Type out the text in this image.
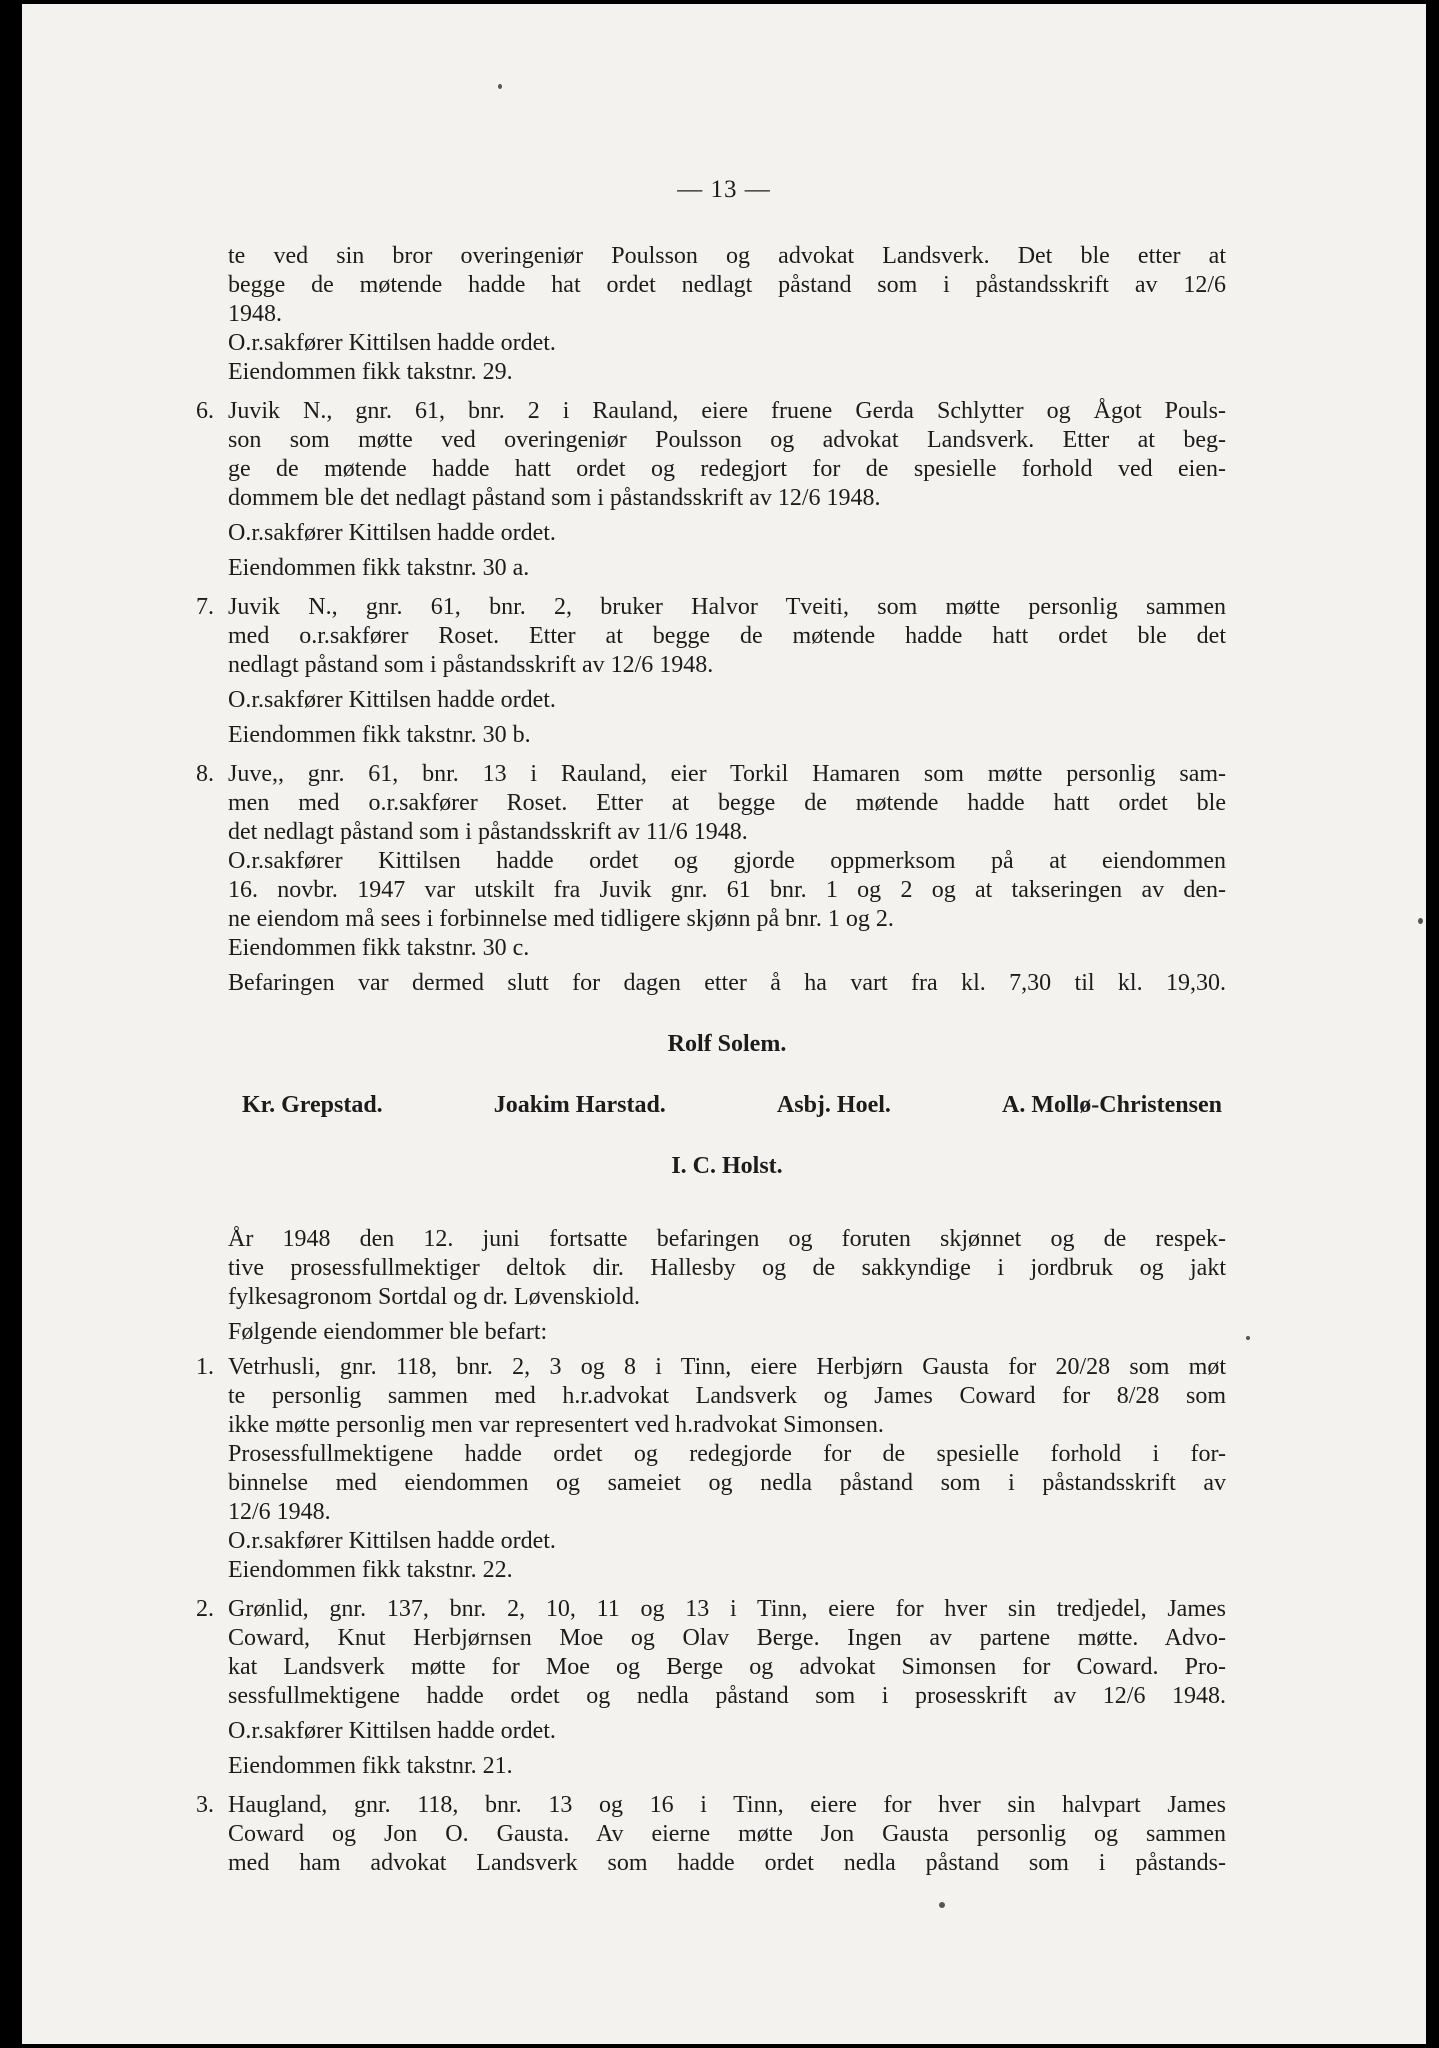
— 13 —
te ved sin bror overingeniør Poulsson og advokat Landsverk. Det ble etter at
begge de møtende hadde hat ordet nedlagt påstand som i påstandsskrift av 12/6
1948.
O.r.sakfører Kittilsen hadde ordet.
Eiendommen fikk takstnr. 29.
6. Juvik N., gnr. 61, bnr. 2 i Rauland, eiere fruene Gerda Schlytter og Ågot Pouls-
son som møtte ved overingeniør Poulsson og advokat Landsverk. Etter at beg-
ge de møtende hadde hatt ordet og redegjort for de spesielle forhold ved eien-
dommem ble det nedlagt påstand som i påstandsskrift av 12/6 1948.
O.r.sakfører Kittilsen hadde ordet.
Eiendommen fikk takstnr. 30 a.
7. Juvik N., gnr. 61, bnr. 2, bruker Halvor Tveiti, som møtte personlig sammen
med o.r.sakfører Roset. Etter at begge de møtende hadde hatt ordet ble det
nedlagt påstand som i påstandsskrift av 12/6 1948.
O.r.sakfører Kittilsen hadde ordet.
Eiendommen fikk takstnr. 30 b.
8. Juve,, gnr. 61, bnr. 13 i Rauland, eier Torkil Hamaren som møtte personlig sam-
men med o.r.sakfører Roset. Etter at begge de møtende hadde hatt ordet ble
det nedlagt påstand som i påstandsskrift av 11/6 1948.
O.r.sakfører Kittilsen hadde ordet og gjorde oppmerksom på at eiendommen
16. novbr. 1947 var utskilt fra Juvik gnr. 61 bnr. 1 og 2 og at takseringen av den-
ne eiendom må sees i forbinnelse med tidligere skjønn på bnr. 1 og 2.
Eiendommen fikk takstnr. 30 c.
Befaringen var dermed slutt for dagen etter å ha vart fra kl. 7,30 til kl. 19,30.
Rolf Solem.
Kr. Grepstad.	Joakim Harstad.	Asbj. Hoel.	A. Mollø-Christensen
I. C. Holst.
År 1948 den 12. juni fortsatte befaringen og foruten skjønnet og de respek-
tive prosessfullmektiger deltok dir. Hallesby og de sakkyndige i jordbruk og jakt
fylkesagronom Sortdal og dr. Løvenskiold.
Følgende eiendommer ble befart:
1. Vetrhusli, gnr. 118, bnr. 2, 3 og 8 i Tinn, eiere Herbjørn Gausta for 20/28 som møt
te personlig sammen med h.r.advokat Landsverk og James Coward for 8/28 som
ikke møtte personlig men var representert ved h.radvokat Simonsen.
Prosessfullmektigene hadde ordet og redegjorde for de spesielle forhold i for-
binnelse med eiendommen og sameiet og nedla påstand som i påstandsskrift av
12/6 1948.
O.r.sakfører Kittilsen hadde ordet.
Eiendommen fikk takstnr. 22.
2. Grønlid, gnr. 137, bnr. 2, 10, 11 og 13 i Tinn, eiere for hver sin tredjedel, James
Coward, Knut Herbjørnsen Moe og Olav Berge. Ingen av partene møtte. Advo-
kat Landsverk møtte for Moe og Berge og advokat Simonsen for Coward. Pro-
sessfullmektigene hadde ordet og nedla påstand som i prosesskrift av 12/6 1948.
O.r.sakfører Kittilsen hadde ordet.
Eiendommen fikk takstnr. 21.
3. Haugland, gnr. 118, bnr. 13 og 16 i Tinn, eiere for hver sin halvpart James
Coward og Jon O. Gausta. Av eierne møtte Jon Gausta personlig og sammen
med ham advokat Landsverk som hadde ordet nedla påstand som i påstands-
